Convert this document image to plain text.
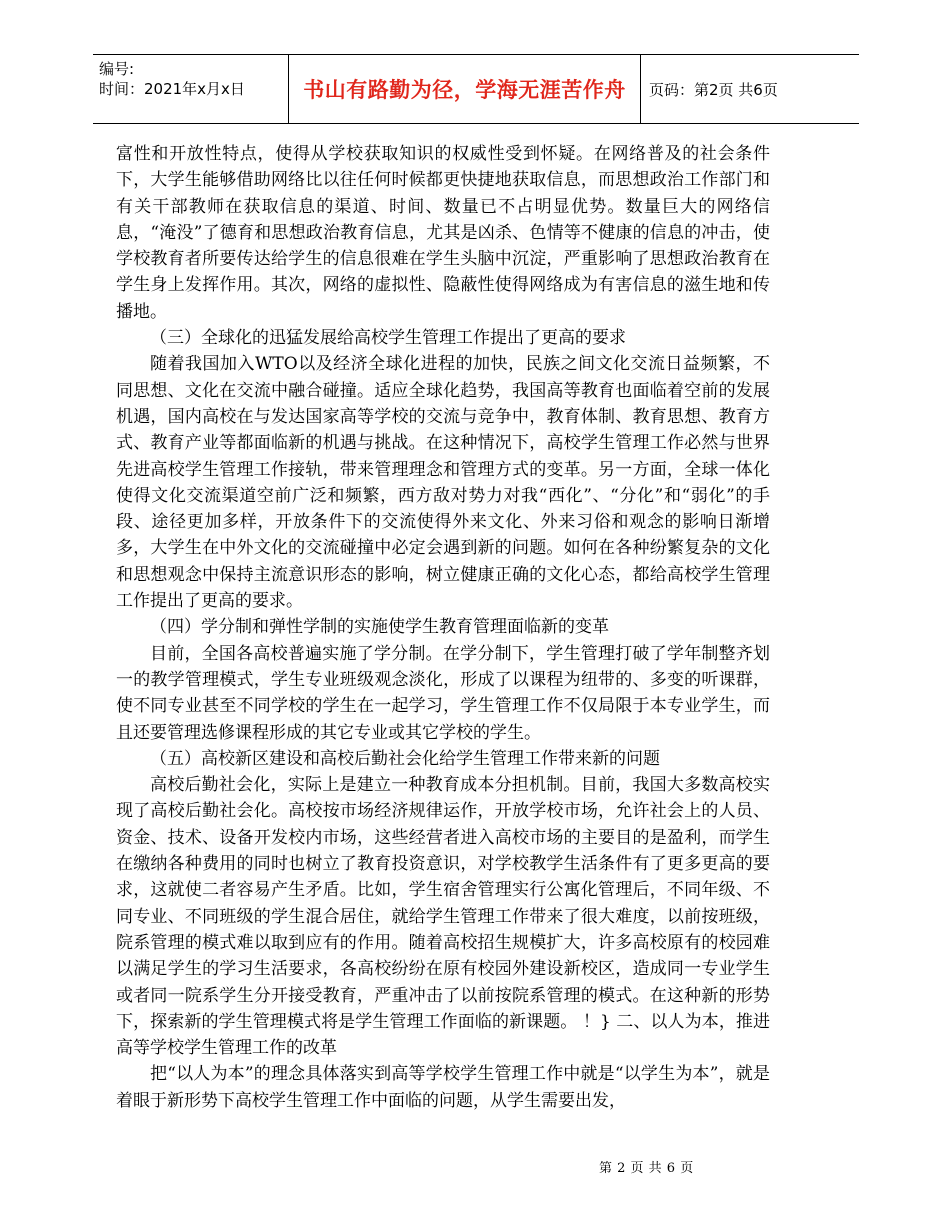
编号:
时间：2021年x月x日	书山有路勤为径，学海无涯苦作舟	页码：第2页 共6页

富性和开放性特点，使得从学校获取知识的权威性受到怀疑。在网络普及的社会条件下，大学生能够借助网络比以往任何时候都更快捷地获取信息，而思想政治工作部门和有关干部教师在获取信息的渠道、时间、数量已不占明显优势。数量巨大的网络信息，“淹没”了德育和思想政治教育信息，尤其是凶杀、色情等不健康的信息的冲击，使学校教育者所要传达给学生的信息很难在学生头脑中沉淀，严重影响了思想政治教育在学生身上发挥作用。其次，网络的虚拟性、隐蔽性使得网络成为有害信息的滋生地和传播地。

（三）全球化的迅猛发展给高校学生管理工作提出了更高的要求

随着我国加入WTO以及经济全球化进程的加快，民族之间文化交流日益频繁，不同思想、文化在交流中融合碰撞。适应全球化趋势，我国高等教育也面临着空前的发展机遇，国内高校在与发达国家高等学校的交流与竞争中，教育体制、教育思想、教育方式、教育产业等都面临新的机遇与挑战。在这种情况下，高校学生管理工作必然与世界先进高校学生管理工作接轨，带来管理理念和管理方式的变革。另一方面，全球一体化使得文化交流渠道空前广泛和频繁，西方敌对势力对我“西化”、“分化”和“弱化”的手段、途径更加多样，开放条件下的交流使得外来文化、外来习俗和观念的影响日渐增多，大学生在中外文化的交流碰撞中必定会遇到新的问题。如何在各种纷繁复杂的文化和思想观念中保持主流意识形态的影响，树立健康正确的文化心态，都给高校学生管理工作提出了更高的要求。

（四）学分制和弹性学制的实施使学生教育管理面临新的变革

目前，全国各高校普遍实施了学分制。在学分制下，学生管理打破了学年制整齐划一的教学管理模式，学生专业班级观念淡化，形成了以课程为纽带的、多变的听课群，使不同专业甚至不同学校的学生在一起学习，学生管理工作不仅局限于本专业学生，而且还要管理选修课程形成的其它专业或其它学校的学生。

（五）高校新区建设和高校后勤社会化给学生管理工作带来新的问题

高校后勤社会化，实际上是建立一种教育成本分担机制。目前，我国大多数高校实现了高校后勤社会化。高校按市场经济规律运作，开放学校市场，允许社会上的人员、资金、技术、设备开发校内市场，这些经营者进入高校市场的主要目的是盈利，而学生在缴纳各种费用的同时也树立了教育投资意识，对学校教学生活条件有了更多更高的要求，这就使二者容易产生矛盾。比如，学生宿舍管理实行公寓化管理后，不同年级、不同专业、不同班级的学生混合居住，就给学生管理工作带来了很大难度，以前按班级，院系管理的模式难以取到应有的作用。随着高校招生规模扩大，许多高校原有的校园难以满足学生的学习生活要求，各高校纷纷在原有校园外建设新校区，造成同一专业学生或者同一院系学生分开接受教育，严重冲击了以前按院系管理的模式。在这种新的形势下，探索新的学生管理模式将是学生管理工作面临的新课题。 ！} 二、以人为本，推进高等学校学生管理工作的改革

把“以人为本”的理念具体落实到高等学校学生管理工作中就是“以学生为本”，就是着眼于新形势下高校学生管理工作中面临的问题，从学生需要出发，

第 2 页 共 6 页
